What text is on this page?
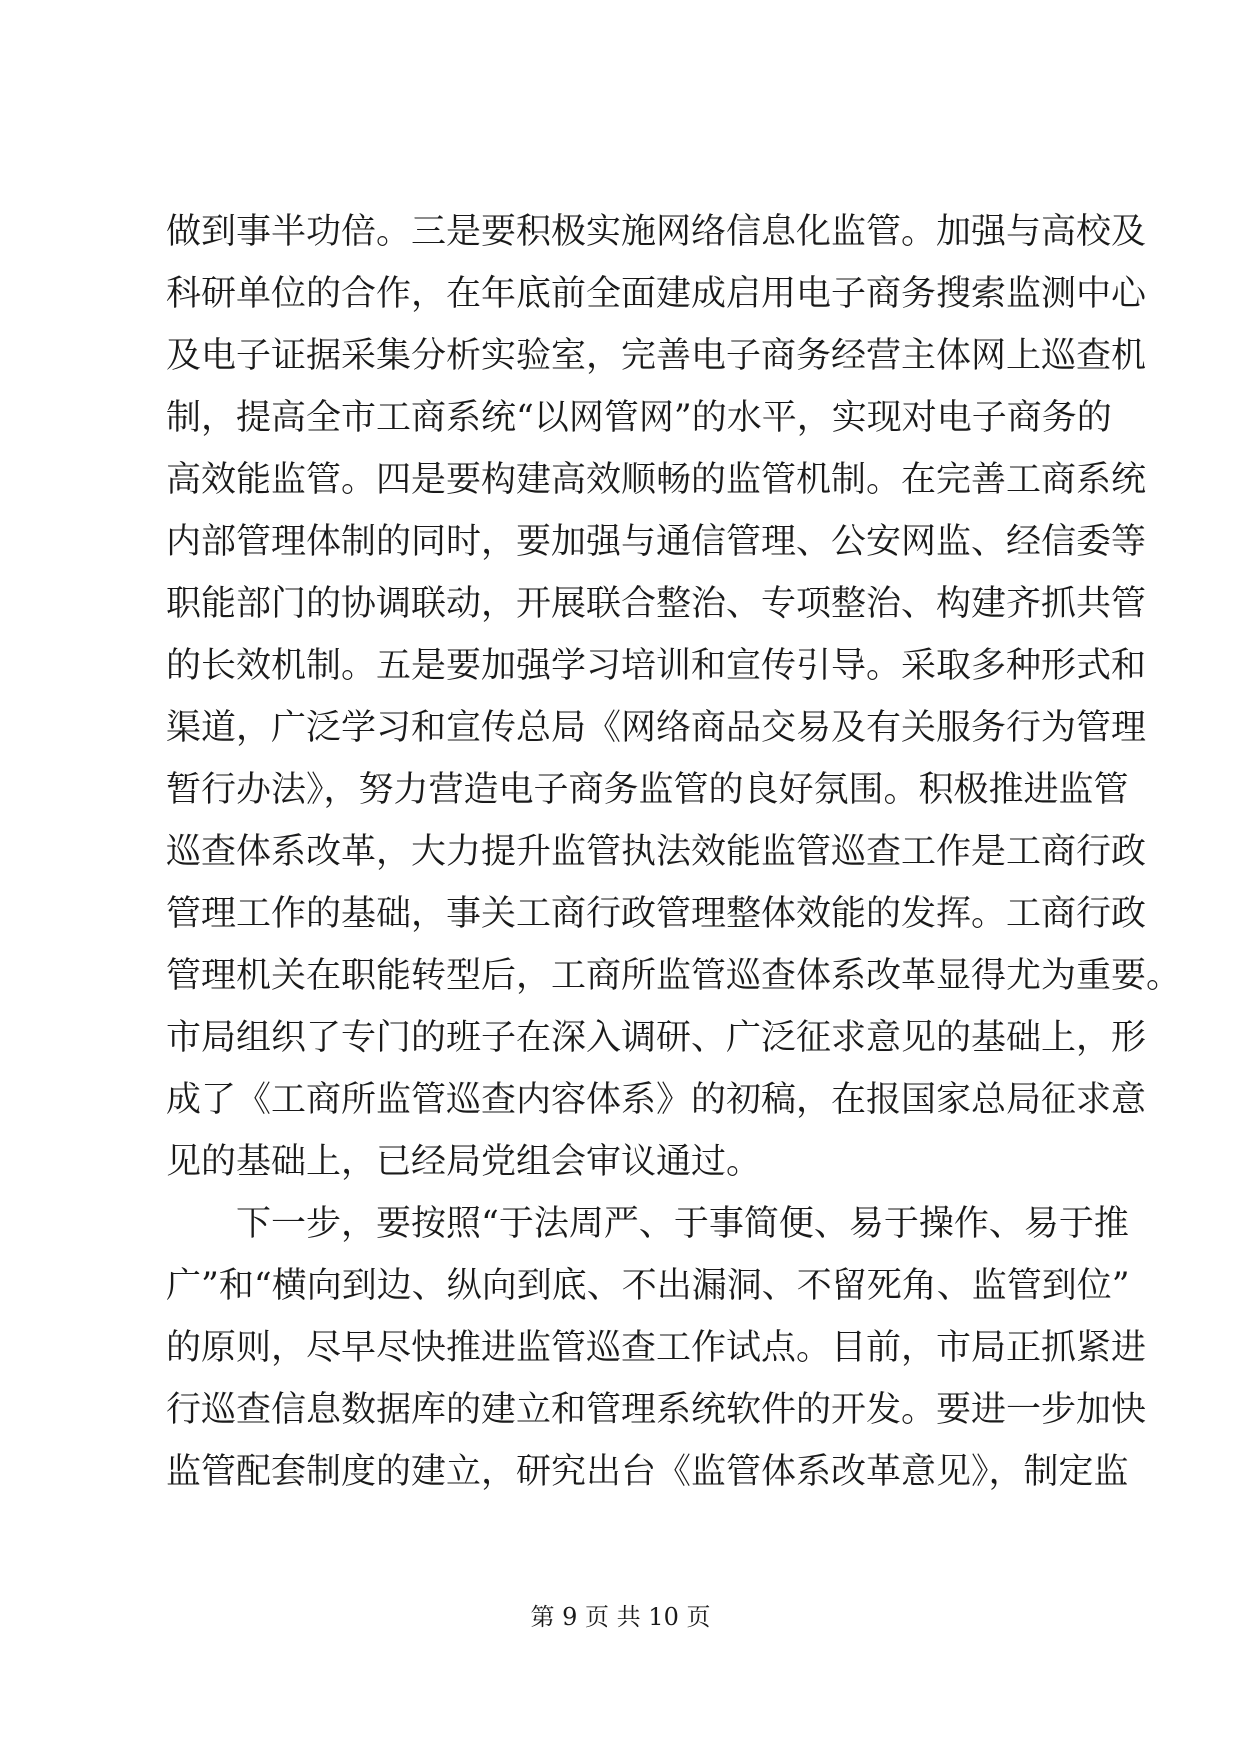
做到事半功倍。三是要积极实施网络信息化监管。加强与高校及
科研单位的合作，在年底前全面建成启用电子商务搜索监测中心
及电子证据采集分析实验室，完善电子商务经营主体网上巡查机
制，提高全市工商系统“以网管网”的水平，实现对电子商务的
高效能监管。四是要构建高效顺畅的监管机制。在完善工商系统
内部管理体制的同时，要加强与通信管理、公安网监、经信委等
职能部门的协调联动，开展联合整治、专项整治、构建齐抓共管
的长效机制。五是要加强学习培训和宣传引导。采取多种形式和
渠道，广泛学习和宣传总局《网络商品交易及有关服务行为管理
暂行办法》，努力营造电子商务监管的良好氛围。积极推进监管
巡查体系改革，大力提升监管执法效能监管巡查工作是工商行政
管理工作的基础，事关工商行政管理整体效能的发挥。工商行政
管理机关在职能转型后，工商所监管巡查体系改革显得尤为重要。
市局组织了专门的班子在深入调研、广泛征求意见的基础上，形
成了《工商所监管巡查内容体系》的初稿，在报国家总局征求意
见的基础上，已经局党组会审议通过。
下一步，要按照“于法周严、于事简便、易于操作、易于推
广”和“横向到边、纵向到底、不出漏洞、不留死角、监管到位”
的原则，尽早尽快推进监管巡查工作试点。目前，市局正抓紧进
行巡查信息数据库的建立和管理系统软件的开发。要进一步加快
监管配套制度的建立，研究出台《监管体系改革意见》，制定监
第 9 页 共 10 页
